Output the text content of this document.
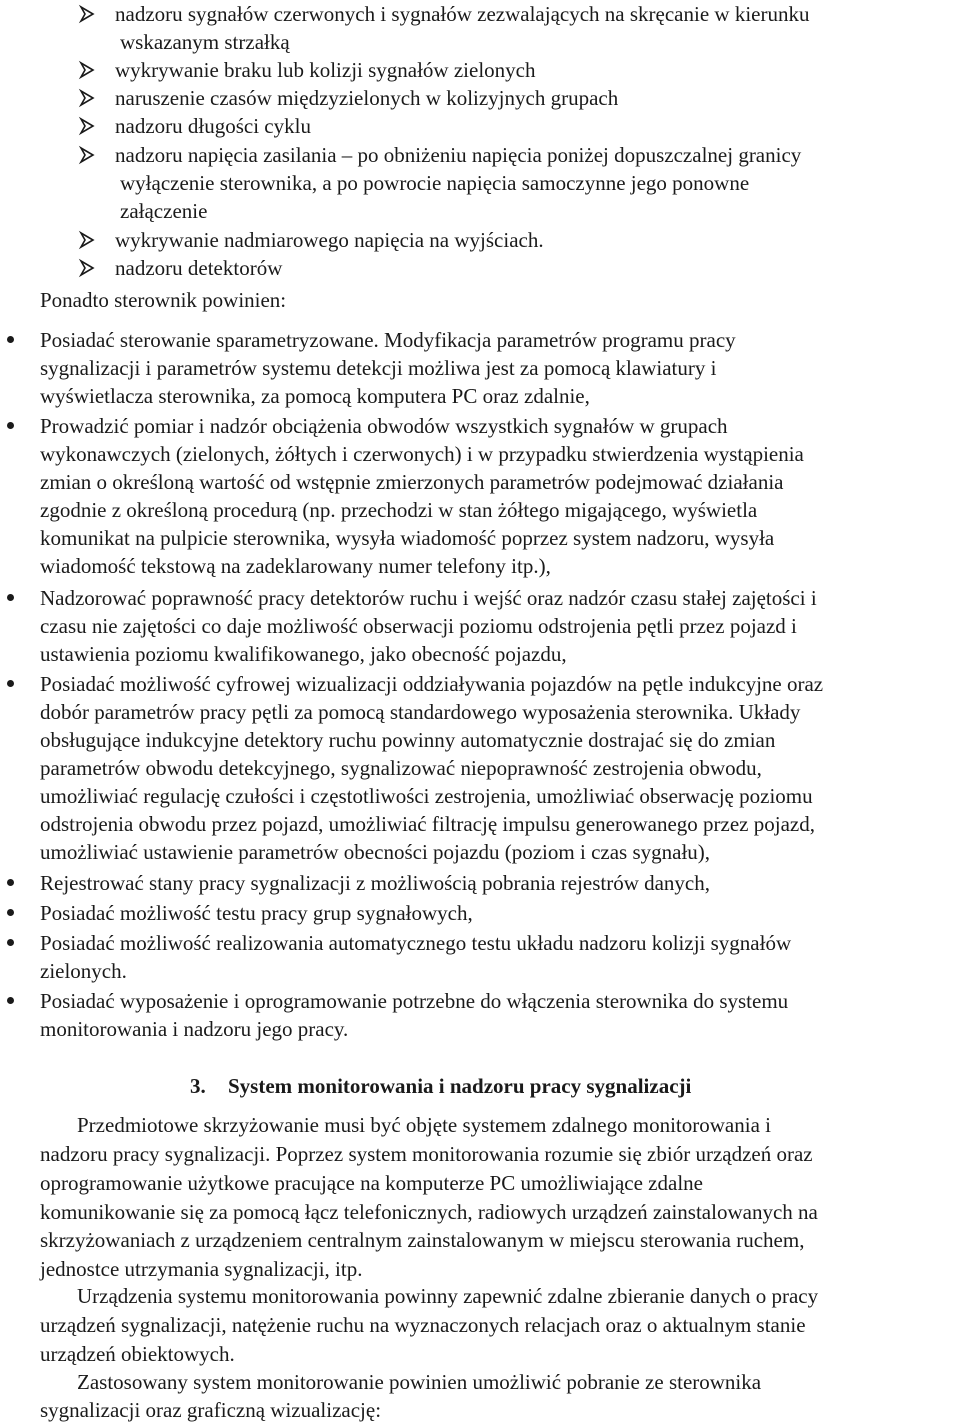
nadzoru sygnałów czerwonych i sygnałów zezwalających na skręcanie w kierunku
wskazanym strzałką
wykrywanie braku lub kolizji sygnałów zielonych
naruszenie czasów międzyzielonych w kolizyjnych grupach
nadzoru długości cyklu
nadzoru napięcia zasilania – po obniżeniu napięcia poniżej dopuszczalnej granicy
wyłączenie sterownika, a po powrocie napięcia samoczynne jego ponowne
załączenie
wykrywanie nadmiarowego napięcia na wyjściach.
nadzoru detektorów
Ponadto sterownik powinien:
Posiadać sterowanie sparametryzowane. Modyfikacja parametrów programu pracy
sygnalizacji i parametrów systemu detekcji możliwa jest za pomocą klawiatury i
wyświetlacza sterownika, za pomocą komputera PC oraz zdalnie,
Prowadzić pomiar i nadzór obciążenia obwodów wszystkich sygnałów w grupach
wykonawczych (zielonych, żółtych i czerwonych) i w przypadku stwierdzenia wystąpienia
zmian o określoną wartość od wstępnie zmierzonych parametrów podejmować działania
zgodnie z określoną procedurą (np. przechodzi w stan żółtego migającego, wyświetla
komunikat na pulpicie sterownika, wysyła wiadomość poprzez system nadzoru, wysyła
wiadomość tekstową na zadeklarowany numer telefony itp.),
Nadzorować poprawność pracy detektorów ruchu i wejść oraz nadzór czasu stałej zajętości i
czasu nie zajętości co daje możliwość obserwacji poziomu odstrojenia pętli przez pojazd i
ustawienia poziomu kwalifikowanego, jako obecność pojazdu,
Posiadać możliwość cyfrowej wizualizacji oddziaływania pojazdów na pętle indukcyjne oraz
dobór parametrów pracy pętli za pomocą standardowego wyposażenia sterownika. Układy
obsługujące indukcyjne detektory ruchu powinny automatycznie dostrajać się do zmian
parametrów obwodu detekcyjnego, sygnalizować niepoprawność zestrojenia obwodu,
umożliwiać regulację czułości i częstotliwości zestrojenia, umożliwiać obserwację poziomu
odstrojenia obwodu przez pojazd, umożliwiać filtrację impulsu generowanego przez pojazd,
umożliwiać ustawienie parametrów obecności pojazdu (poziom i czas sygnału),
Rejestrować stany pracy sygnalizacji z możliwością pobrania rejestrów danych,
Posiadać możliwość testu pracy grup sygnałowych,
Posiadać możliwość realizowania automatycznego testu układu nadzoru kolizji sygnałów
zielonych.
Posiadać wyposażenie i oprogramowanie potrzebne do włączenia sterownika do systemu
monitorowania i nadzoru jego pracy.
3. System monitorowania i nadzoru pracy sygnalizacji
Przedmiotowe skrzyżowanie musi być objęte systemem zdalnego monitorowania i
nadzoru pracy sygnalizacji. Poprzez system monitorowania rozumie się zbiór urządzeń oraz
oprogramowanie użytkowe pracujące na komputerze PC umożliwiające zdalne
komunikowanie się za pomocą łącz telefonicznych, radiowych urządzeń zainstalowanych na
skrzyżowaniach z urządzeniem centralnym zainstalowanym w miejscu sterowania ruchem,
jednostce utrzymania sygnalizacji, itp.
Urządzenia systemu monitorowania powinny zapewnić zdalne zbieranie danych o pracy
urządzeń sygnalizacji, natężenie ruchu na wyznaczonych relacjach oraz o aktualnym stanie
urządzeń obiektowych.
Zastosowany system monitorowanie powinien umożliwić pobranie ze sterownika
sygnalizacji oraz graficzną wizualizację:
